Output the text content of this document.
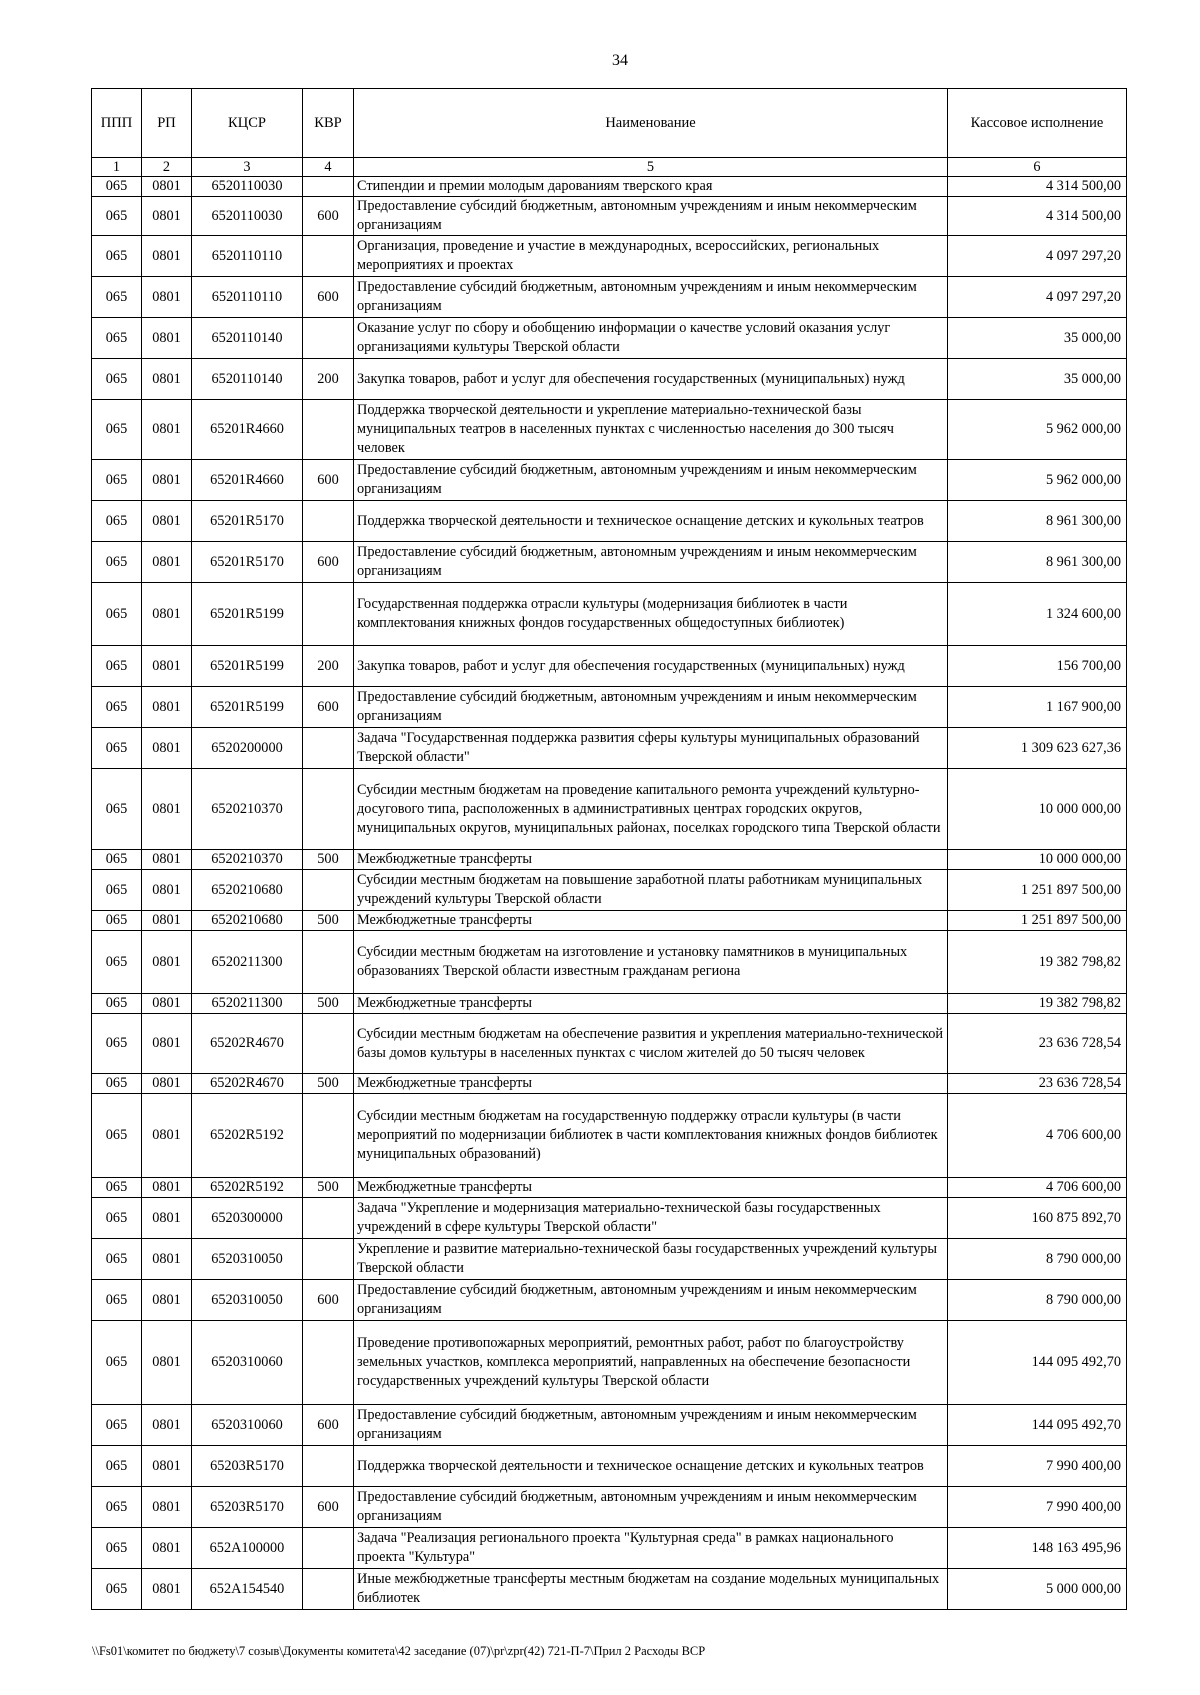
34
ППП	РП	КЦСР	КВР	Наименование	Кассовое исполнение
1	2	3	4	5	6
065	0801	6520110030		Стипендии и премии молодым дарованиям тверского края	4 314 500,00
065	0801	6520110030	600	Предоставление субсидий бюджетным, автономным учреждениям и иным некоммерческим организациям	4 314 500,00
065	0801	6520110110		Организация, проведение и участие в международных, всероссийских, региональных мероприятиях и проектах	4 097 297,20
065	0801	6520110110	600	Предоставление субсидий бюджетным, автономным учреждениям и иным некоммерческим организациям	4 097 297,20
065	0801	6520110140		Оказание услуг по сбору и обобщению информации о качестве условий оказания услуг организациями культуры Тверской области	35 000,00
065	0801	6520110140	200	Закупка товаров, работ и услуг для обеспечения государственных (муниципальных) нужд	35 000,00
065	0801	65201R4660		Поддержка творческой деятельности и укрепление материально-технической базы муниципальных театров в населенных пунктах с численностью населения до 300 тысяч человек	5 962 000,00
065	0801	65201R4660	600	Предоставление субсидий бюджетным, автономным учреждениям и иным некоммерческим организациям	5 962 000,00
065	0801	65201R5170		Поддержка творческой деятельности и техническое оснащение детских и кукольных театров	8 961 300,00
065	0801	65201R5170	600	Предоставление субсидий бюджетным, автономным учреждениям и иным некоммерческим организациям	8 961 300,00
065	0801	65201R5199		Государственная поддержка отрасли культуры (модернизация библиотек в части комплектования книжных фондов государственных общедоступных библиотек)	1 324 600,00
065	0801	65201R5199	200	Закупка товаров, работ и услуг для обеспечения государственных (муниципальных) нужд	156 700,00
065	0801	65201R5199	600	Предоставление субсидий бюджетным, автономным учреждениям и иным некоммерческим организациям	1 167 900,00
065	0801	6520200000		Задача "Государственная поддержка развития сферы культуры муниципальных образований Тверской области"	1 309 623 627,36
065	0801	6520210370		Субсидии местным бюджетам на проведение капитального ремонта учреждений культурно-досугового типа, расположенных в административных центрах городских округов, муниципальных округов, муниципальных районах, поселках городского типа Тверской области	10 000 000,00
065	0801	6520210370	500	Межбюджетные трансферты	10 000 000,00
065	0801	6520210680		Субсидии местным бюджетам на повышение заработной платы работникам муниципальных учреждений культуры Тверской области	1 251 897 500,00
065	0801	6520210680	500	Межбюджетные трансферты	1 251 897 500,00
065	0801	6520211300		Субсидии местным бюджетам на изготовление и установку памятников в муниципальных образованиях Тверской области известным гражданам региона	19 382 798,82
065	0801	6520211300	500	Межбюджетные трансферты	19 382 798,82
065	0801	65202R4670		Субсидии местным бюджетам на обеспечение развития и укрепления материально-технической базы домов культуры в населенных пунктах с числом жителей до 50 тысяч человек	23 636 728,54
065	0801	65202R4670	500	Межбюджетные трансферты	23 636 728,54
065	0801	65202R5192		Субсидии местным бюджетам на государственную поддержку отрасли культуры (в части мероприятий по модернизации библиотек в части комплектования книжных фондов библиотек муниципальных образований)	4 706 600,00
065	0801	65202R5192	500	Межбюджетные трансферты	4 706 600,00
065	0801	6520300000		Задача "Укрепление и модернизация материально-технической базы государственных учреждений в сфере культуры Тверской области"	160 875 892,70
065	0801	6520310050		Укрепление и развитие материально-технической базы государственных учреждений культуры Тверской области	8 790 000,00
065	0801	6520310050	600	Предоставление субсидий бюджетным, автономным учреждениям и иным некоммерческим организациям	8 790 000,00
065	0801	6520310060		Проведение противопожарных мероприятий, ремонтных работ, работ по благоустройству земельных участков, комплекса мероприятий, направленных на обеспечение безопасности государственных учреждений культуры Тверской области	144 095 492,70
065	0801	6520310060	600	Предоставление субсидий бюджетным, автономным учреждениям и иным некоммерческим организациям	144 095 492,70
065	0801	65203R5170		Поддержка творческой деятельности и техническое оснащение детских и кукольных театров	7 990 400,00
065	0801	65203R5170	600	Предоставление субсидий бюджетным, автономным учреждениям и иным некоммерческим организациям	7 990 400,00
065	0801	652A100000		Задача "Реализация регионального проекта "Культурная среда" в рамках национального проекта "Культура"	148 163 495,96
065	0801	652A154540		Иные межбюджетные трансферты местным бюджетам на создание модельных муниципальных библиотек	5 000 000,00
\\Fs01\комитет по бюджету\7 созыв\Документы комитета\42 заседание (07)\pr\zpr(42) 721-П-7\Прил 2 Расходы ВСР
